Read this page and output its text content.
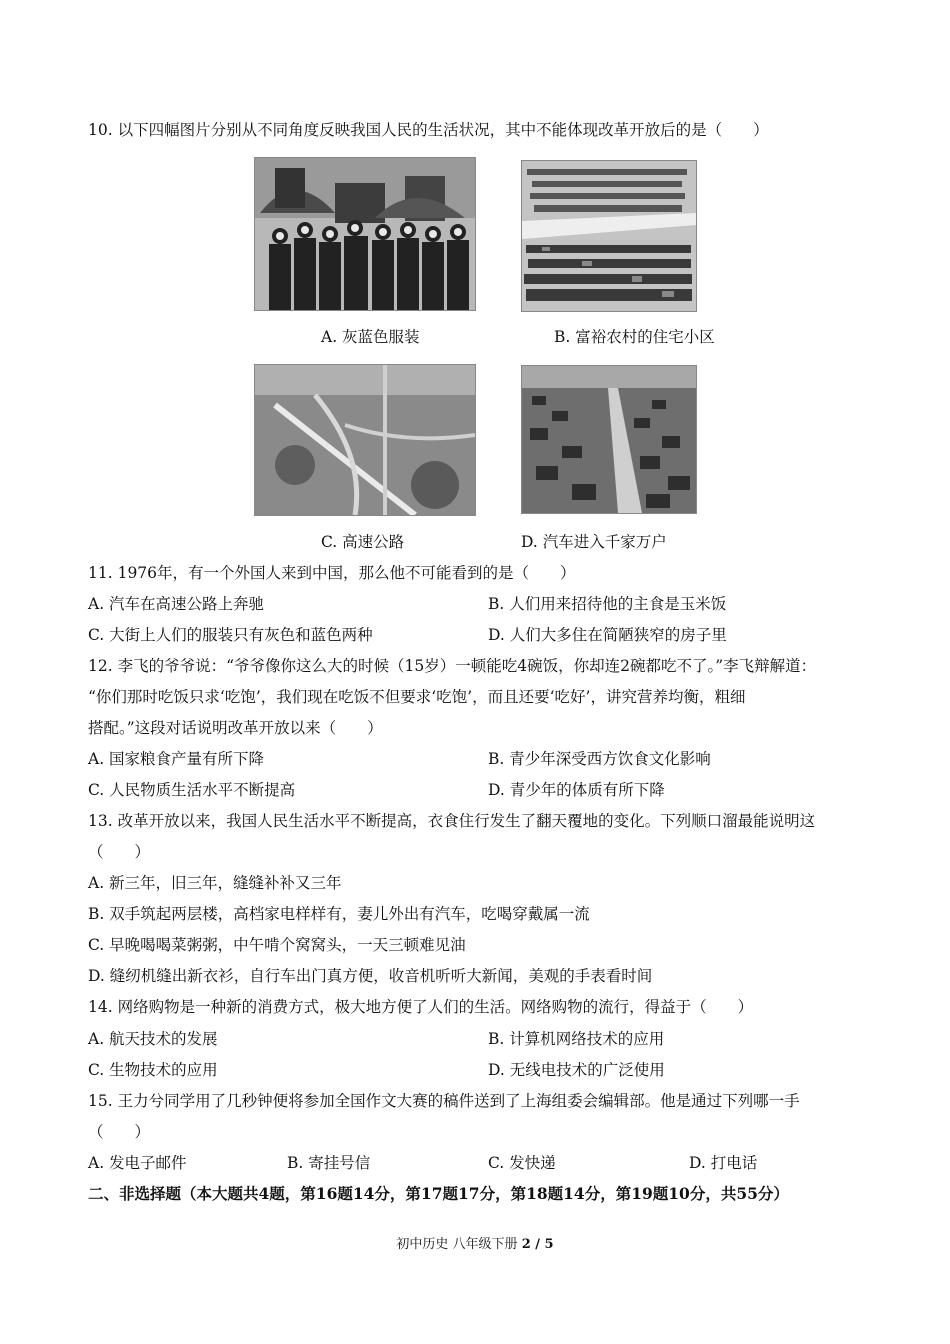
10. 以下四幅图片分别从不同角度反映我国人民的生活状况，其中不能体现改革开放后的是（　　）
A. 灰蓝色服装	B. 富裕农村的住宅小区
C. 高速公路	D. 汽车进入千家万户
11. 1976年，有一个外国人来到中国，那么他不可能看到的是（　　）
A. 汽车在高速公路上奔驰	B. 人们用来招待他的主食是玉米饭
C. 大街上人们的服装只有灰色和蓝色两种	D. 人们大多住在简陋狭窄的房子里
12. 李飞的爷爷说：“爷爷像你这么大的时候（15岁）一顿能吃4碗饭，你却连2碗都吃不了。”李飞辩解道：
“你们那时吃饭只求‘吃饱’，我们现在吃饭不但要求‘吃饱’，而且还要‘吃好’，讲究营养均衡，粗细
搭配。”这段对话说明改革开放以来（　　）
A. 国家粮食产量有所下降	B. 青少年深受西方饮食文化影响
C. 人民物质生活水平不断提高	D. 青少年的体质有所下降
13. 改革开放以来，我国人民生活水平不断提高，衣食住行发生了翻天覆地的变化。下列顺口溜最能说明这
（　　）
A. 新三年，旧三年，缝缝补补又三年
B. 双手筑起两层楼，高档家电样样有，妻儿外出有汽车，吃喝穿戴属一流
C. 早晚喝喝菜粥粥，中午啃个窝窝头，一天三顿难见油
D. 缝纫机缝出新衣衫，自行车出门真方便，收音机听听大新闻，美观的手表看时间
14. 网络购物是一种新的消费方式，极大地方便了人们的生活。网络购物的流行，得益于（　　）
A. 航天技术的发展	B. 计算机网络技术的应用
C. 生物技术的应用	D. 无线电技术的广泛使用
15. 王力兮同学用了几秒钟便将参加全国作文大赛的稿件送到了上海组委会编辑部。他是通过下列哪一手
（　　）
A. 发电子邮件	B. 寄挂号信	C. 发快递	D. 打电话
二、非选择题（本大题共4题，第16题14分，第17题17分，第18题14分，第19题10分，共55分）
初中历史 八年级下册 2 / 5
